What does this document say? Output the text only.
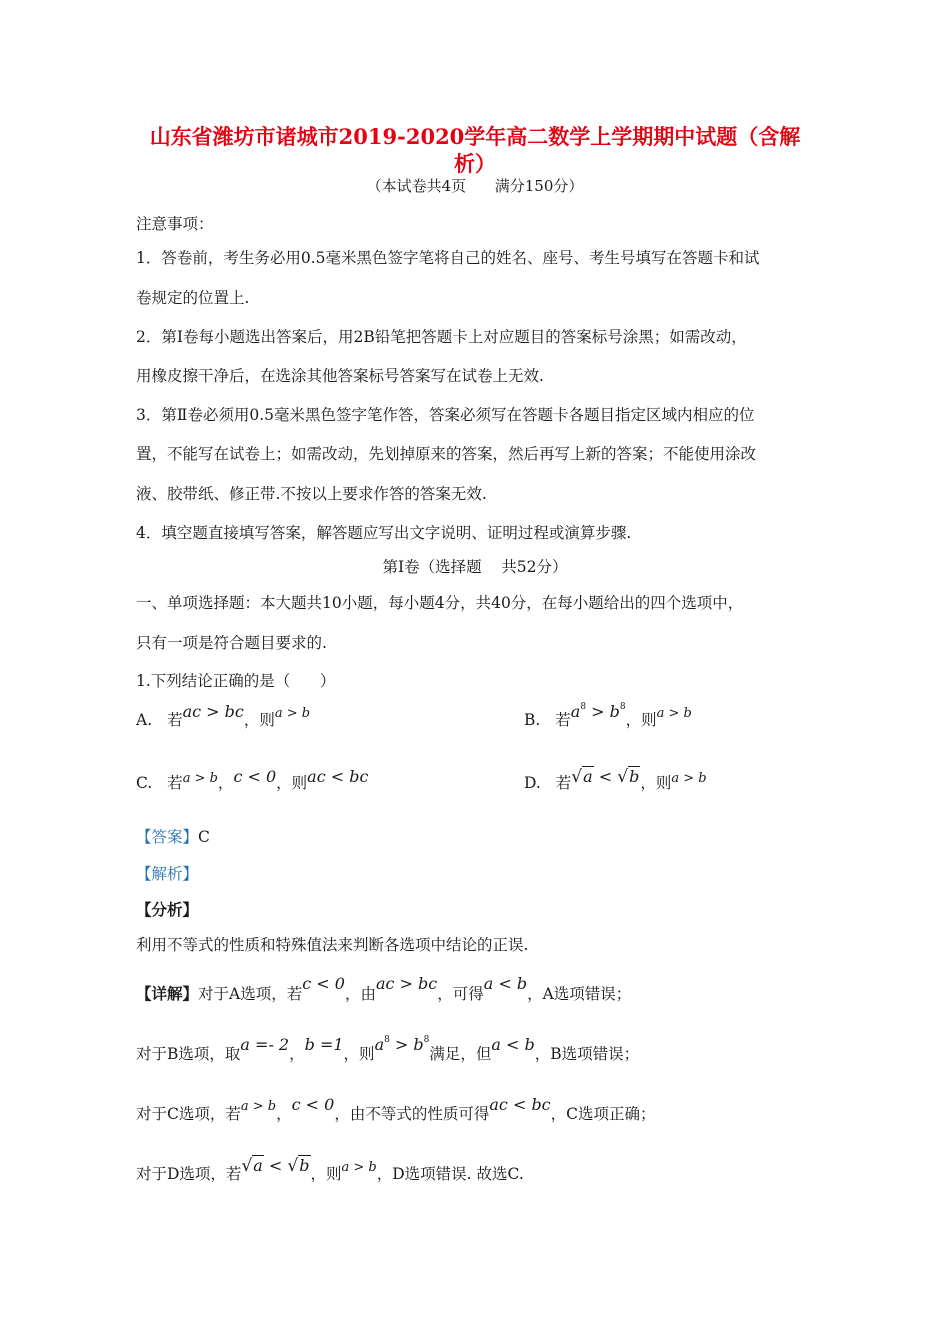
山东省潍坊市诸城市2019-2020学年高二数学上学期期中试题（含解
析）
（本试卷共4页      满分150分）
注意事项：
1．答卷前，考生务必用0.5毫米黑色签字笔将自己的姓名、座号、考生号填写在答题卡和试
卷规定的位置上.
2．第Ⅰ卷每小题选出答案后，用2B铅笔把答题卡上对应题目的答案标号涂黑；如需改动，
用橡皮擦干净后，在选涂其他答案标号答案写在试卷上无效.
3．第Ⅱ卷必须用0.5毫米黑色签字笔作答，答案必须写在答题卡各题目指定区域内相应的位
置，不能写在试卷上；如需改动，先划掉原来的答案，然后再写上新的答案；不能使用涂改
液、胶带纸、修正带.不按以上要求作答的答案无效.
4．填空题直接填写答案，解答题应写出文字说明、证明过程或演算步骤.
第Ⅰ卷（选择题    共52分）
一、单项选择题：本大题共10小题，每小题4分，共40分，在每小题给出的四个选项中，
只有一项是符合题目要求的.
1.下列结论正确的是（      ）
A. 若ac > bc，则$^{a > b}$	B. 若$a^8 > b^8$，则$^{a > b}$
C. 若$^{a > b}$，c < 0，则ac < bc	D. 若√a < √b，则$^{a > b}$
【答案】C
【解析】
【分析】
利用不等式的性质和特殊值法来判断各选项中结论的正误.
【详解】对于A选项，若c < 0，由ac > bc，可得a < b，A选项错误；
对于B选项，取a =- 2，b =1，则$a^8 > b^8$满足，但a < b，B选项错误；
对于C选项，若$^{a > b}$，c < 0，由不等式的性质可得ac < bc，C选项正确；
对于D选项，若√a < √b，则$^{a > b}$，D选项错误. 故选C.
